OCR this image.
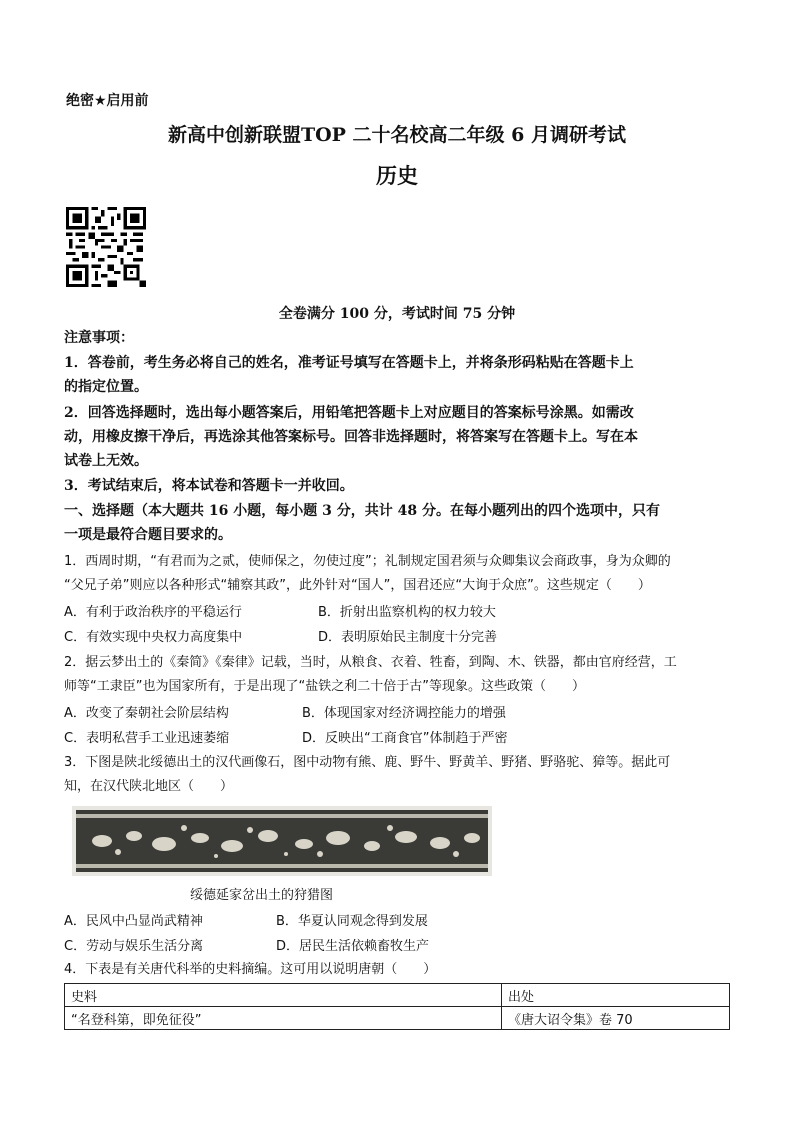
绝密★启用前
新高中创新联盟TOP 二十名校高二年级 6 月调研考试
历史
全卷满分 100 分，考试时间 75 分钟
注意事项：
1．答卷前，考生务必将自己的姓名，准考证号填写在答题卡上，并将条形码粘贴在答题卡上
的指定位置。
2．回答选择题时，选出每小题答案后，用铅笔把答题卡上对应题目的答案标号涂黑。如需改
动，用橡皮擦干净后，再选涂其他答案标号。回答非选择题时，将答案写在答题卡上。写在本
试卷上无效。
3．考试结束后，将本试卷和答题卡一并收回。
一、选择题（本大题共 16 小题，每小题 3 分，共计 48 分。在每小题列出的四个选项中，只有
一项是最符合题目要求的。
1．西周时期，“有君而为之贰，使师保之，勿使过度”；礼制规定国君须与众卿集议会商政事，身为众卿的
“父兄子弟”则应以各种形式“辅察其政”，此外针对“国人”，国君还应“大询于众庶”。这些规定（　　）
A．有利于政治秩序的平稳运行	B．折射出监察机构的权力较大
C．有效实现中央权力高度集中	D．表明原始民主制度十分完善
2．据云梦出土的《秦简》《秦律》记载，当时，从粮食、衣着、牲畜，到陶、木、铁器，都由官府经营，工
师等“工隶臣”也为国家所有，于是出现了“盐铁之利二十倍于古”等现象。这些政策（　　）
A．改变了秦朝社会阶层结构	B．体现国家对经济调控能力的增强
C．表明私营手工业迅速萎缩	D．反映出“工商食官”体制趋于严密
3．下图是陕北绥德出土的汉代画像石，图中动物有熊、鹿、野牛、野黄羊、野猪、野骆驼、獐等。据此可
知，在汉代陕北地区（　　）
绥德延家岔出土的狩猎图
A．民风中凸显尚武精神	B．华夏认同观念得到发展
C．劳动与娱乐生活分离	D．居民生活依赖畜牧生产
4．下表是有关唐代科举的史料摘编。这可用以说明唐朝（　　）
史料	出处
“名登科第，即免征役”	《唐大诏令集》卷 70
